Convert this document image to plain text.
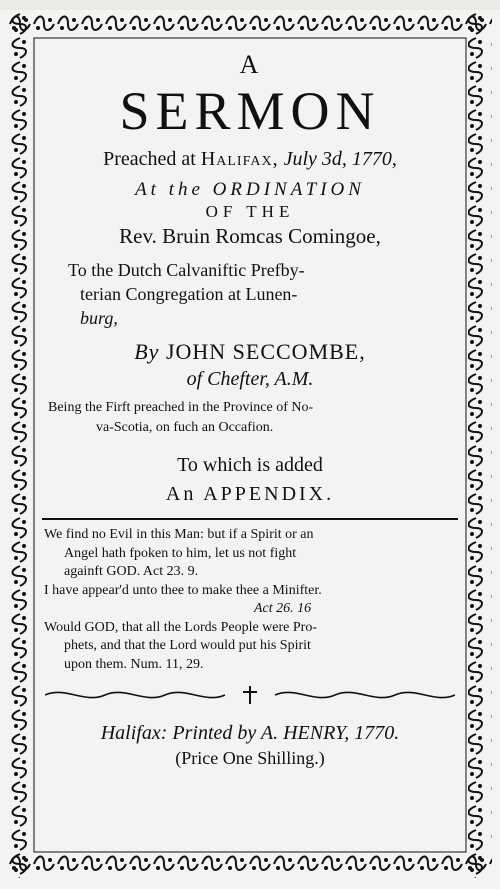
A
SERMON
Preached at Halifax, July 3d, 1770,
At the ORDINATION
OF THE
Rev. Bruin Romcas Comingoe,
To the Dutch Calvaniftic Prefby-
terian Congregation at Lunen-
burg,
By JOHN SECCOMBE,
of Chefter, A.M.
Being the Firft preached in the Province of No-
va-Scotia, on fuch an Occafion.
To which is added
An APPENDIX.
We find no Evil in this Man: but if a Spirit or an
Angel hath fpoken to him, let us not fight
againft GOD. Act 23. 9.
I have appear'd unto thee to make thee a Minifter.
Act 26. 16
Would GOD, that all the Lords People were Pro-
phets, and that the Lord would put his Spirit
upon them. Num. 11, 29.
Halifax: Printed by A. HENRY, 1770.
(Price One Shilling.)
